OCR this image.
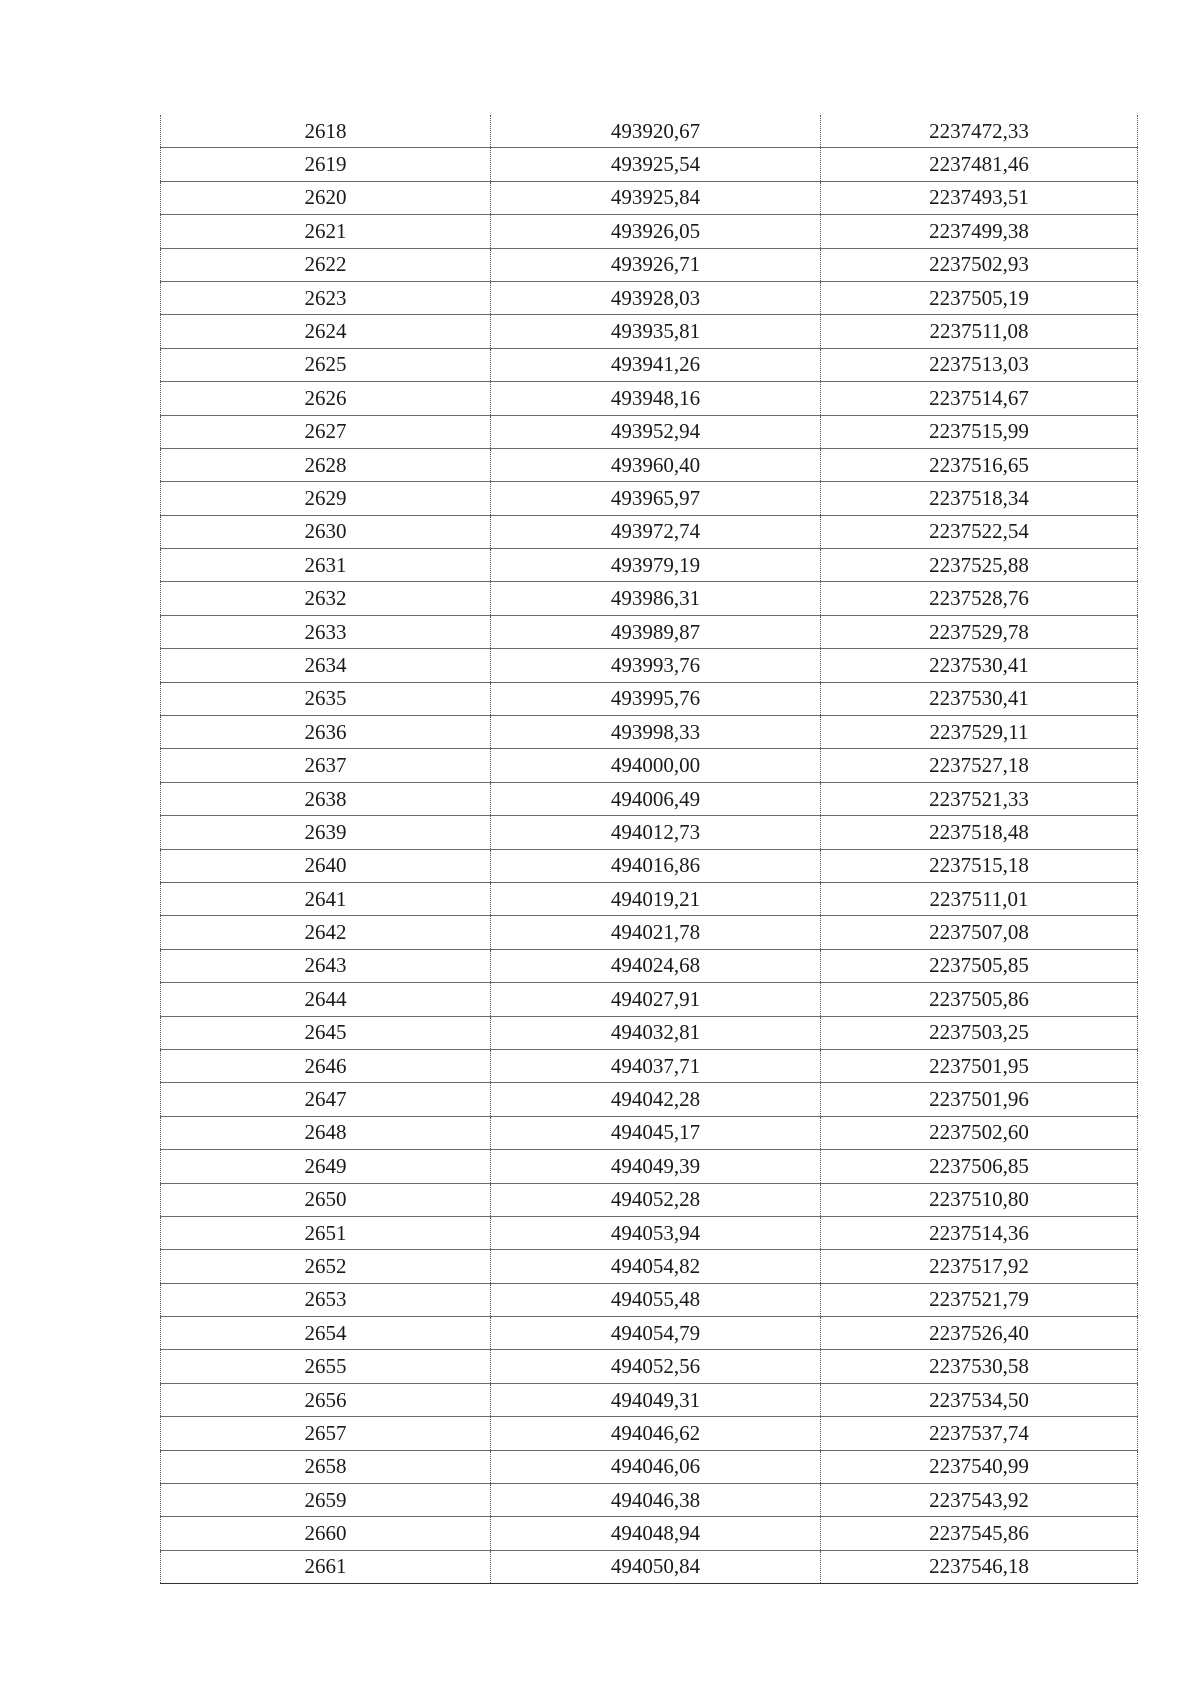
2618	493920,67	2237472,33
2619	493925,54	2237481,46
2620	493925,84	2237493,51
2621	493926,05	2237499,38
2622	493926,71	2237502,93
2623	493928,03	2237505,19
2624	493935,81	2237511,08
2625	493941,26	2237513,03
2626	493948,16	2237514,67
2627	493952,94	2237515,99
2628	493960,40	2237516,65
2629	493965,97	2237518,34
2630	493972,74	2237522,54
2631	493979,19	2237525,88
2632	493986,31	2237528,76
2633	493989,87	2237529,78
2634	493993,76	2237530,41
2635	493995,76	2237530,41
2636	493998,33	2237529,11
2637	494000,00	2237527,18
2638	494006,49	2237521,33
2639	494012,73	2237518,48
2640	494016,86	2237515,18
2641	494019,21	2237511,01
2642	494021,78	2237507,08
2643	494024,68	2237505,85
2644	494027,91	2237505,86
2645	494032,81	2237503,25
2646	494037,71	2237501,95
2647	494042,28	2237501,96
2648	494045,17	2237502,60
2649	494049,39	2237506,85
2650	494052,28	2237510,80
2651	494053,94	2237514,36
2652	494054,82	2237517,92
2653	494055,48	2237521,79
2654	494054,79	2237526,40
2655	494052,56	2237530,58
2656	494049,31	2237534,50
2657	494046,62	2237537,74
2658	494046,06	2237540,99
2659	494046,38	2237543,92
2660	494048,94	2237545,86
2661	494050,84	2237546,18
